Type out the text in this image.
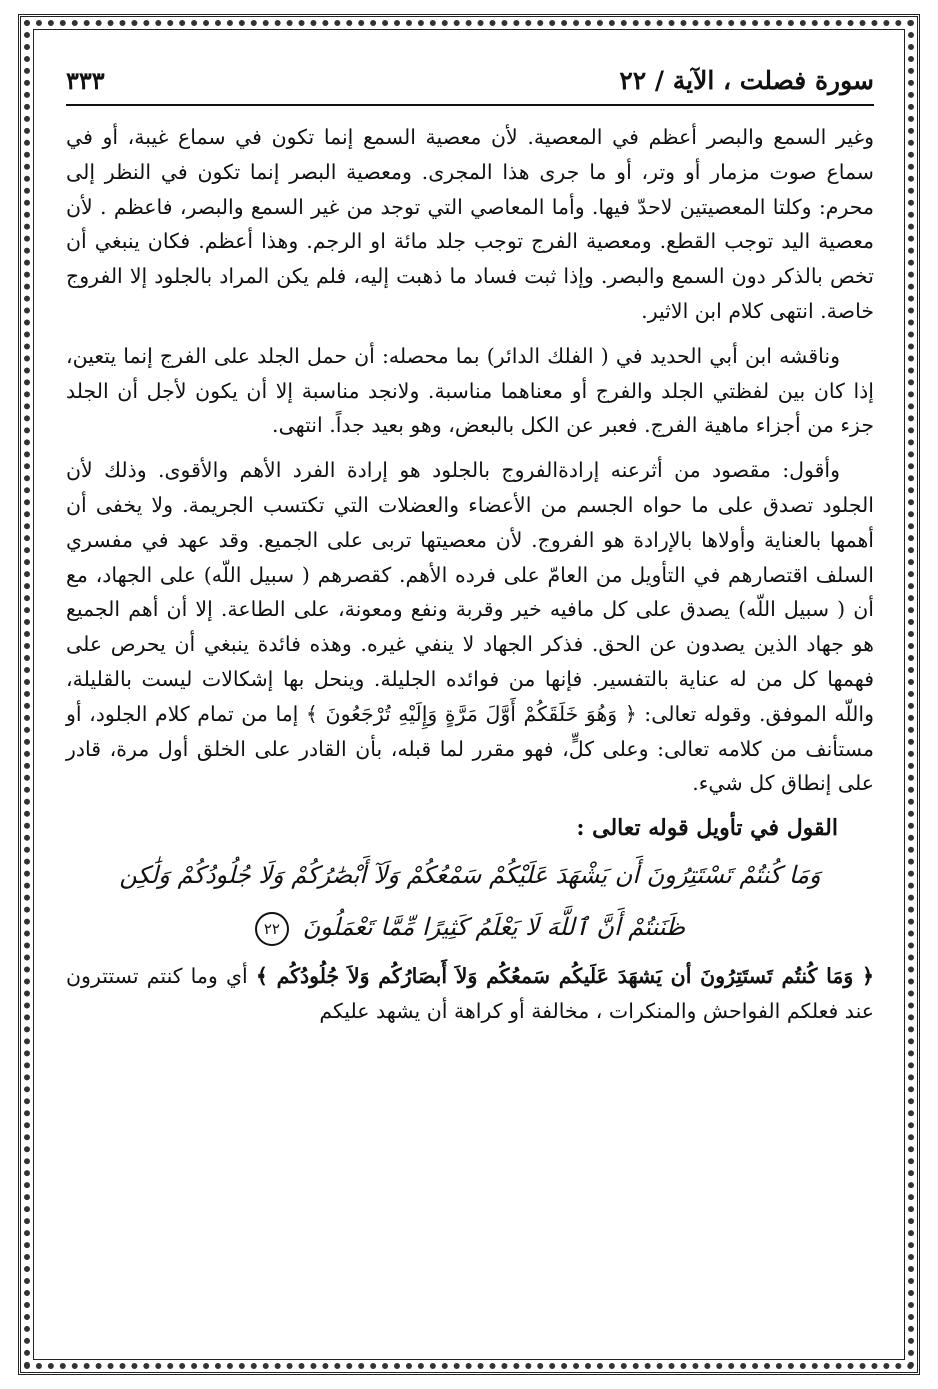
سورة فصلت ، الآية / ٢٢
٣٣٣

وغير السمع والبصر أعظم في المعصية. لأن معصية السمع إنما تكون في سماع غيبة، أو في سماع صوت مزمار أو وتر، أو ما جرى هذا المجرى. ومعصية البصر إنما تكون في النظر إلى محرم: وكلتا المعصيتين لاحدّ فيها. وأما المعاصي التي توجد من غير السمع والبصر، فاعظم . لأن معصية اليد توجب القطع. ومعصية الفرج توجب جلد مائة او الرجم. وهذا أعظم. فكان ينبغي أن تخص بالذكر دون السمع والبصر. وإذا ثبت فساد ما ذهبت إليه، فلم يكن المراد بالجلود إلا الفروج خاصة. انتهى كلام ابن الاثير.

وناقشه ابن أبي الحديد في ( الفلك الدائر) بما محصله: أن حمل الجلد على الفرج إنما يتعين، إذا كان بين لفظتي الجلد والفرج أو معناهما مناسبة. ولانجد مناسبة إلا أن يكون لأجل أن الجلد جزء من أجزاء ماهية الفرج. فعبر عن الكل بالبعض، وهو بعيد جداً. انتهى.

وأقول: مقصود من أثرعنه إرادةالفروج بالجلود هو إرادة الفرد الأهم والأقوى. وذلك لأن الجلود تصدق على ما حواه الجسم من الأعضاء والعضلات التي تكتسب الجريمة. ولا يخفى أن أهمها بالعناية وأولاها بالإرادة هو الفروج. لأن معصيتها تربى على الجميع. وقد عهد في مفسري السلف اقتصارهم في التأويل من العامّ على فرده الأهم. كقصرهم ( سبيل اللّه) على الجهاد، مع أن ( سبيل اللّه) يصدق على كل مافيه خير وقربة ونفع ومعونة، على الطاعة. إلا أن أهم الجميع هو جهاد الذين يصدون عن الحق. فذكر الجهاد لا ينفي غيره. وهذه فائدة ينبغي أن يحرص على فهمها كل من له عناية بالتفسير. فإنها من فوائده الجليلة. وينحل بها إشكالات ليست بالقليلة، واللّه الموفق. وقوله تعالى: ﴿ وَهُوَ خَلَقَكُمْ أَوَّلَ مَرَّةٍ وَإِلَيْهِ تُرْجَعُونَ ﴾ إما من تمام كلام الجلود، أو مستأنف من كلامه تعالى: وعلى كلٍّ، فهو مقرر لما قبله، بأن القادر على الخلق أول مرة، قادر على إنطاق كل شيء.

القول في تأويل قوله تعالى :
وَمَا كُنتُمْ تَسْتَتِرُونَ أَن يَشْهَدَ عَلَيْكُمْ سَمْعُكُمْ وَلَآ أَبْصَٰرُكُمْ وَلَا جُلُودُكُمْ وَلَٰكِن
ظَنَنتُمْ أَنَّ ٱللَّهَ لَا يَعْلَمُ كَثِيرًا مِّمَّا تَعْمَلُونَ ٢٢

﴿ وَمَا كُنتُم تَستَتِرُونَ أن يَشهَدَ عَلَيكُم سَمعُكُم وَلاَ أَبصَارُكُم وَلاَ جُلُودُكُم ﴾ أي وما كنتم تستترون عند فعلكم الفواحش والمنكرات ، مخالفة أو كراهة أن يشهد عليكم
